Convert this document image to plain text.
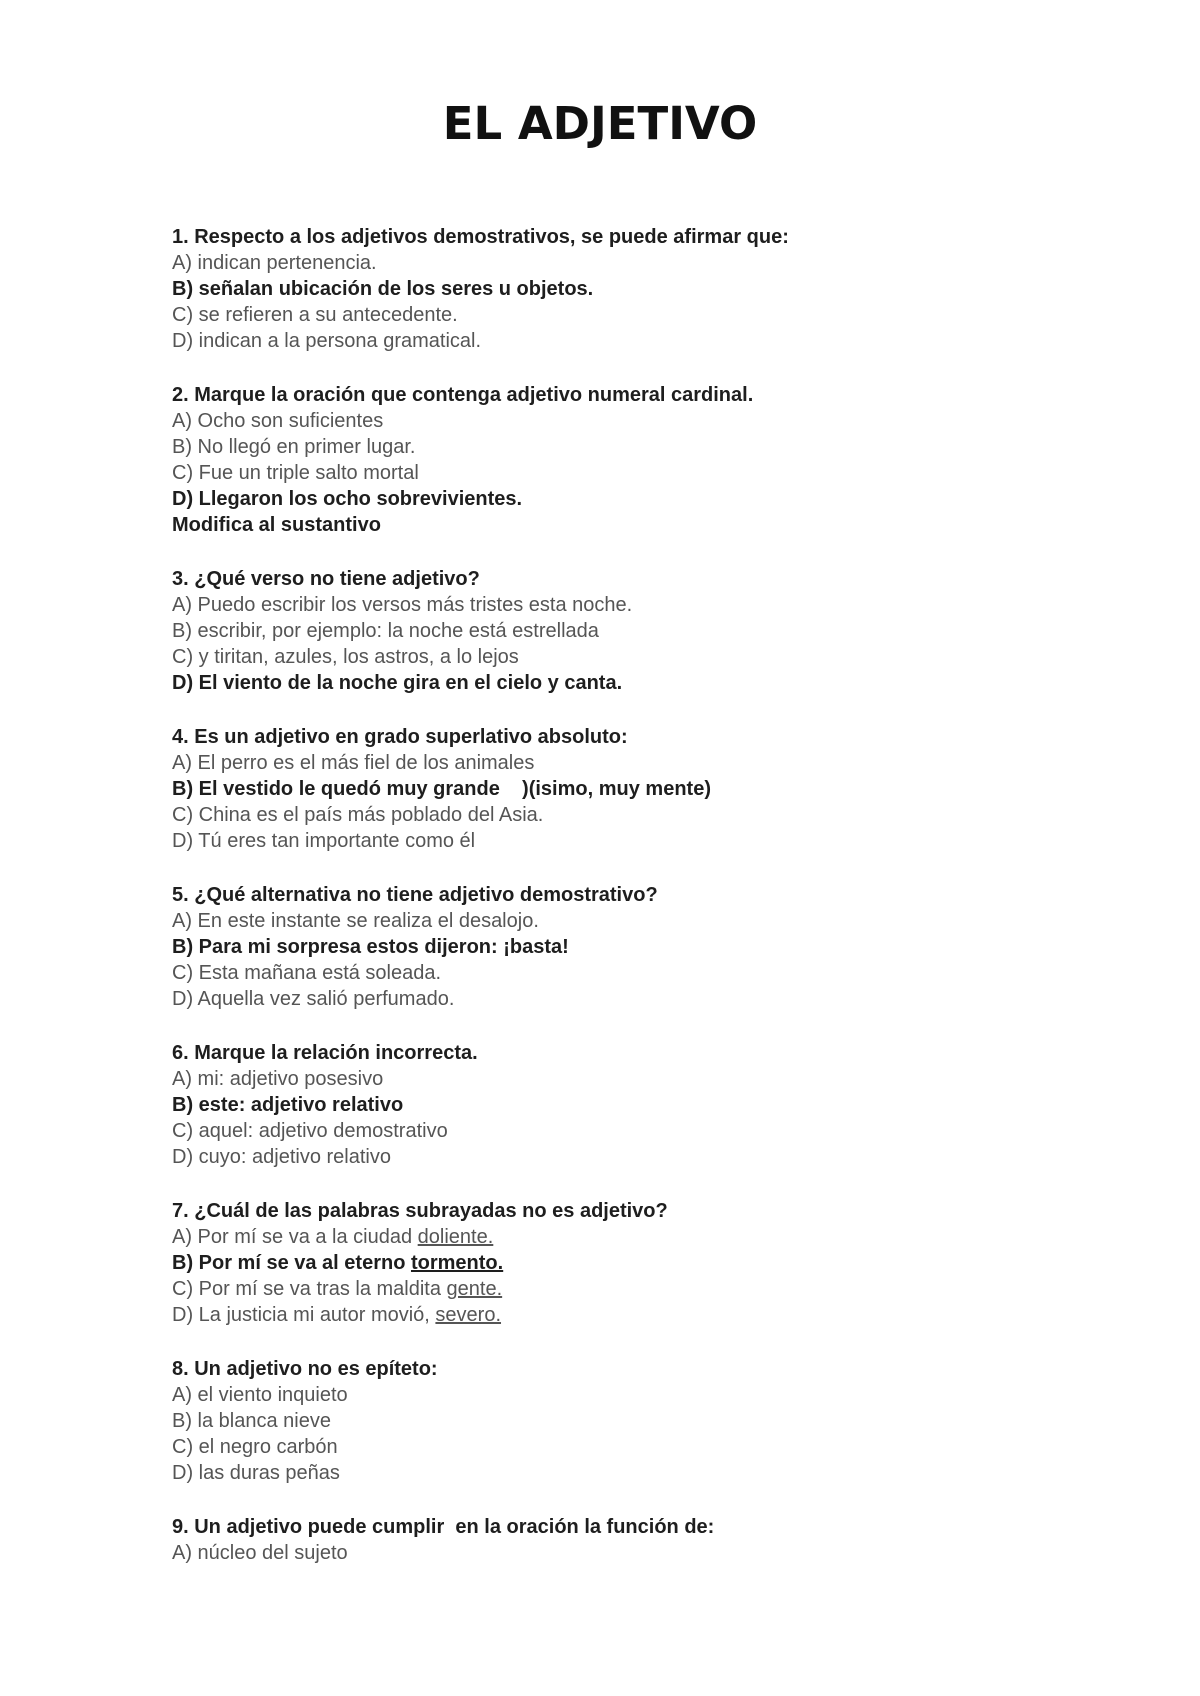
EL ADJETIVO
1. Respecto a los adjetivos demostrativos, se puede afirmar que:
A) indican pertenencia.
B) señalan ubicación de los seres u objetos.
C) se refieren a su antecedente.
D) indican a la persona gramatical.
2. Marque la oración que contenga adjetivo numeral cardinal.
A) Ocho son suficientes
B) No llegó en primer lugar.
C) Fue un triple salto mortal
D) Llegaron los ocho sobrevivientes.
Modifica al sustantivo
3. ¿Qué verso no tiene adjetivo?
A) Puedo escribir los versos más tristes esta noche.
B) escribir, por ejemplo: la noche está estrellada
C) y tiritan, azules, los astros, a lo lejos
D) El viento de la noche gira en el cielo y canta.
4. Es un adjetivo en grado superlativo absoluto:
A) El perro es el más fiel de los animales
B) El vestido le quedó muy grande    )(isimo, muy mente)
C) China es el país más poblado del Asia.
D) Tú eres tan importante como él
5. ¿Qué alternativa no tiene adjetivo demostrativo?
A) En este instante se realiza el desalojo.
B) Para mi sorpresa estos dijeron: ¡basta!
C) Esta mañana está soleada.
D) Aquella vez salió perfumado.
6. Marque la relación incorrecta.
A) mi: adjetivo posesivo
B) este: adjetivo relativo
C) aquel: adjetivo demostrativo
D) cuyo: adjetivo relativo
7. ¿Cuál de las palabras subrayadas no es adjetivo?
A) Por mí se va a la ciudad doliente.
B) Por mí se va al eterno tormento.
C) Por mí se va tras la maldita gente.
D) La justicia mi autor movió, severo.
8. Un adjetivo no es epíteto:
A) el viento inquieto
B) la blanca nieve
C) el negro carbón
D) las duras peñas
9. Un adjetivo puede cumplir  en la oración la función de:
A) núcleo del sujeto
